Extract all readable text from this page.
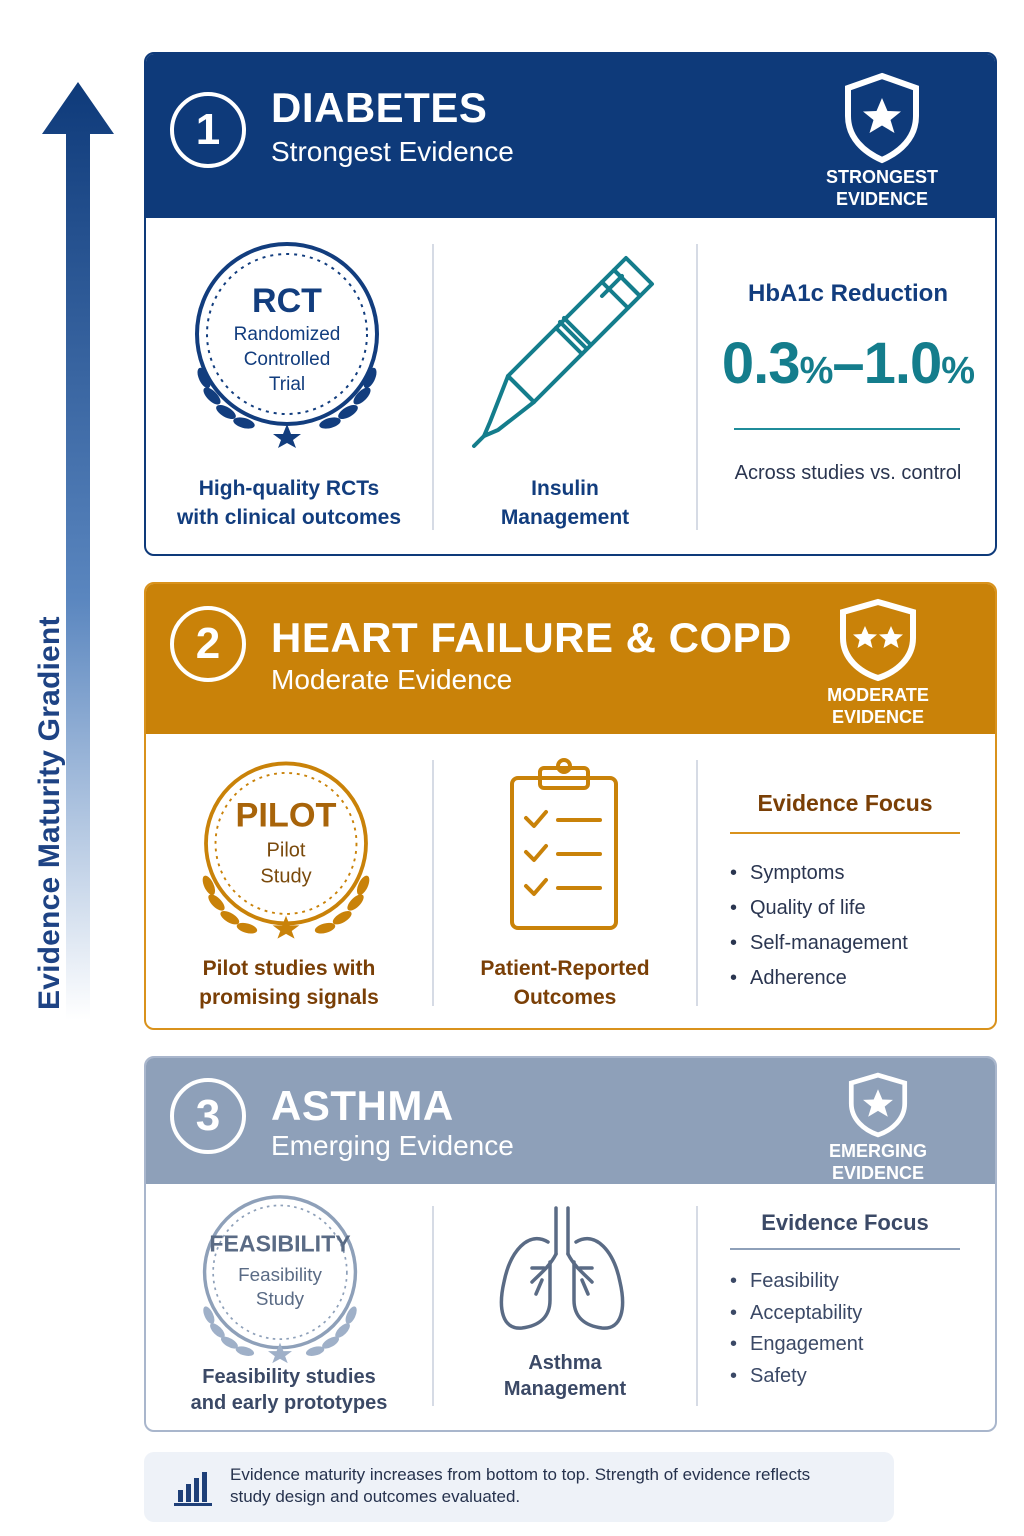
Evidence Maturity Gradient
1	DIABETES
Strongest Evidence
STRONGEST
EVIDENCE
RCT
Randomized
Controlled
Trial
High-quality RCTs
with clinical outcomes
Insulin
Management
HbA1c Reduction
0.3%–1.0%
Across studies vs. control
2	HEART FAILURE & COPD
Moderate Evidence	MODERATE
EVIDENCE
PILOT
Pilot
Study
Pilot studies with
promising signals
Patient-Reported
Outcomes
Evidence Focus
• Symptoms
• Quality of life
• Self-management
• Adherence
3	ASTHMA
Emerging Evidence	EMERGING
EVIDENCE
FEASIBILITY
Feasibility
Study
Feasibility studies
and early prototypes
Asthma
Management
Evidence Focus
• Feasibility
• Acceptability
• Engagement
• Safety
Evidence maturity increases from bottom to top. Strength of evidence reflects
study design and outcomes evaluated.
